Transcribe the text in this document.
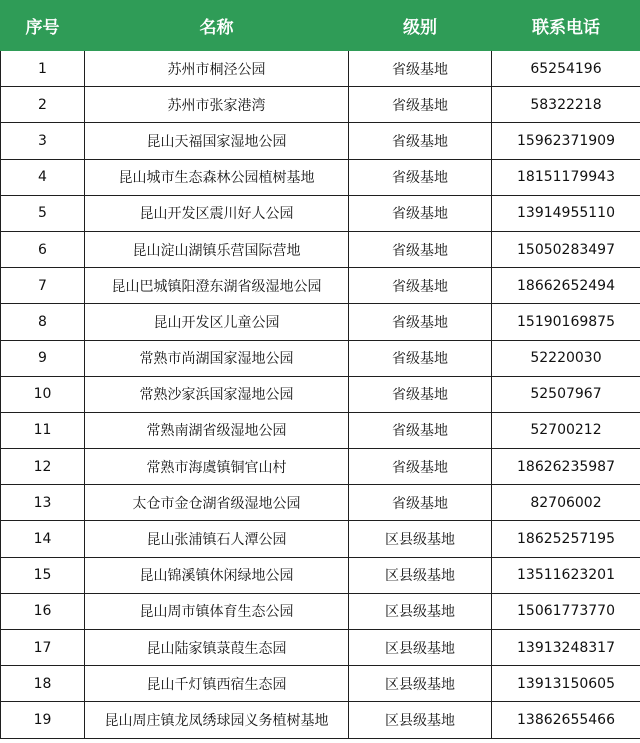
序号	名称	级别	联系电话
1	苏州市桐泾公园	省级基地	65254196
2	苏州市张家港湾	省级基地	58322218
3	昆山天福国家湿地公园	省级基地	15962371909
4	昆山城市生态森林公园植树基地	省级基地	18151179943
5	昆山开发区震川好人公园	省级基地	13914955110
6	昆山淀山湖镇乐营国际营地	省级基地	15050283497
7	昆山巴城镇阳澄东湖省级湿地公园	省级基地	18662652494
8	昆山开发区儿童公园	省级基地	15190169875
9	常熟市尚湖国家湿地公园	省级基地	52220030
10	常熟沙家浜国家湿地公园	省级基地	52507967
11	常熟南湖省级湿地公园	省级基地	52700212
12	常熟市海虞镇铜官山村	省级基地	18626235987
13	太仓市金仓湖省级湿地公园	省级基地	82706002
14	昆山张浦镇石人潭公园	区县级基地	18625257195
15	昆山锦溪镇休闲绿地公园	区县级基地	13511623201
16	昆山周市镇体育生态公园	区县级基地	15061773770
17	昆山陆家镇菉葭生态园	区县级基地	13913248317
18	昆山千灯镇西宿生态园	区县级基地	13913150605
19	昆山周庄镇龙凤绣球园义务植树基地	区县级基地	13862655466
